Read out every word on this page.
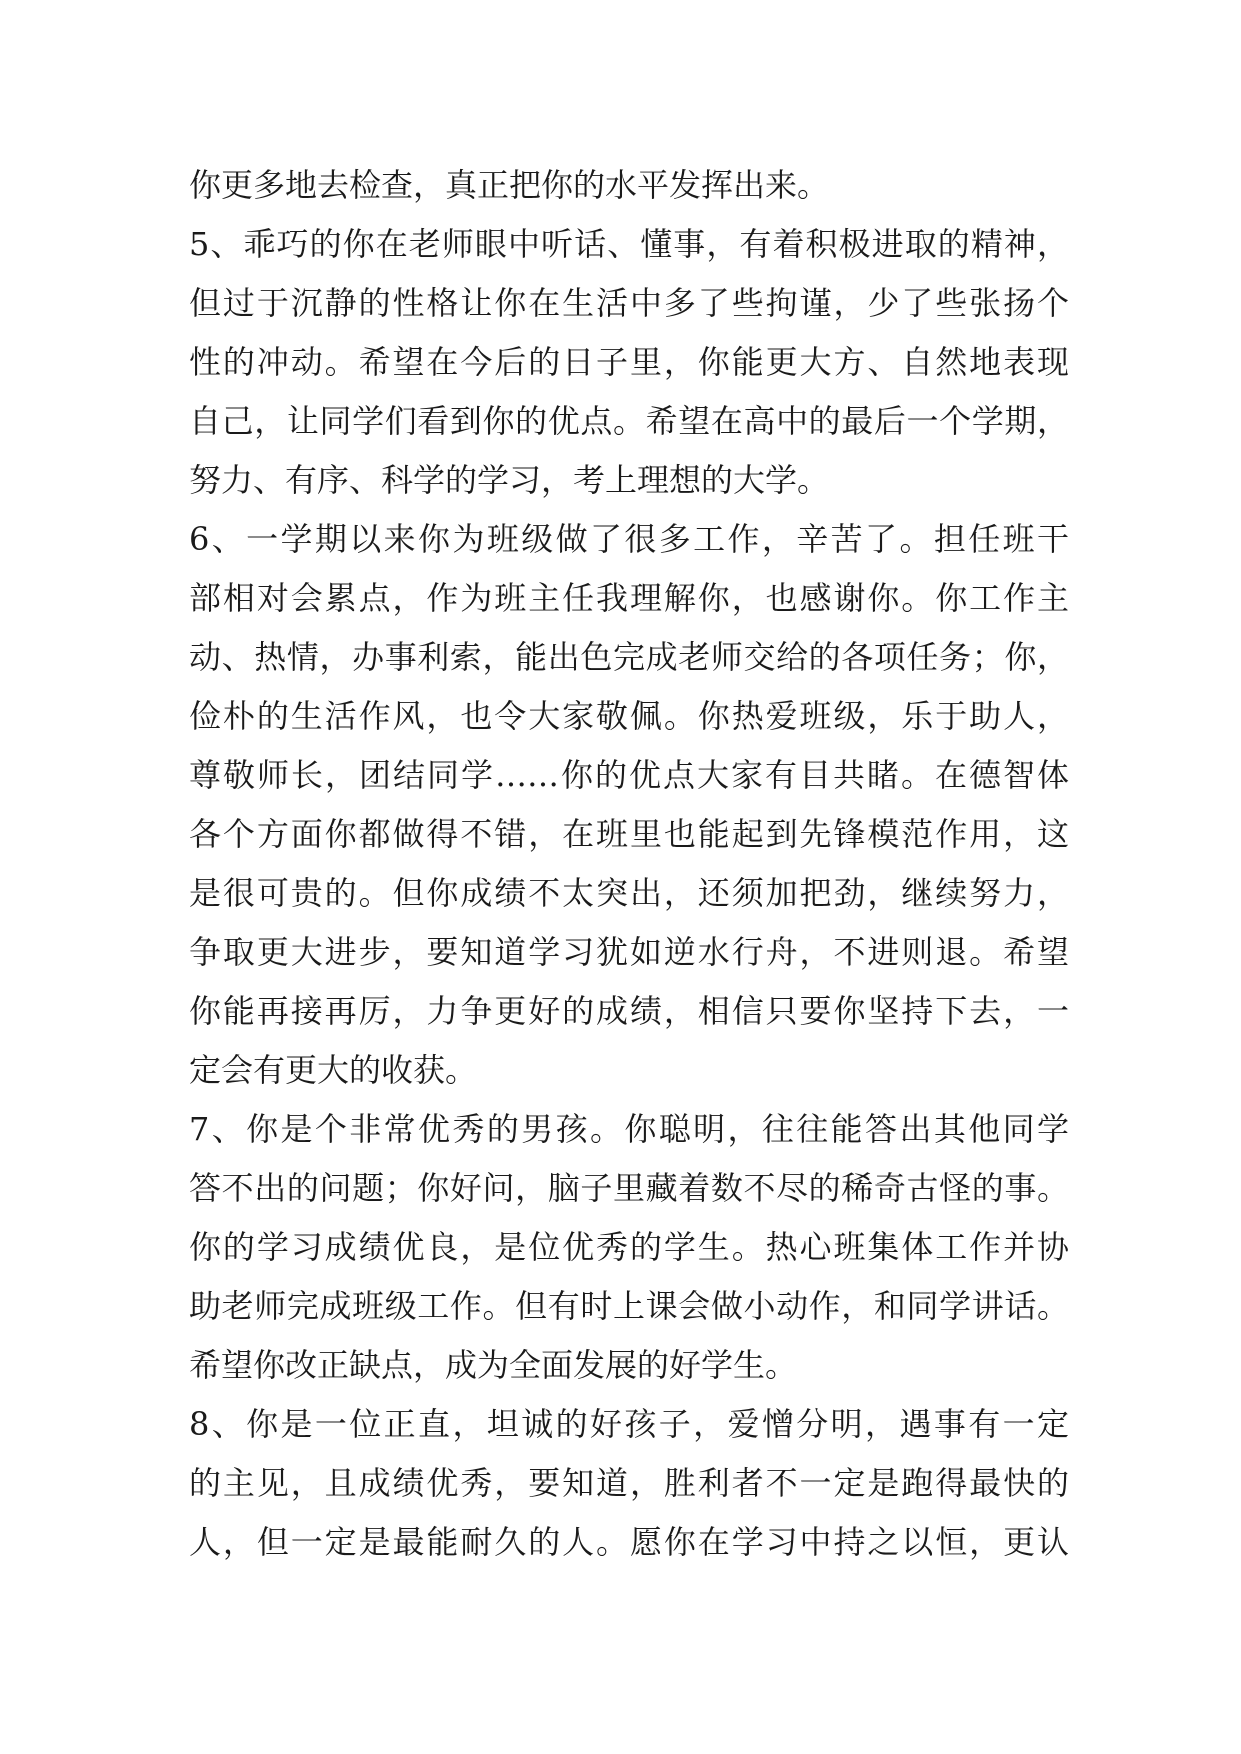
你更多地去检查，真正把你的水平发挥出来。
5、乖巧的你在老师眼中听话、懂事，有着积极进取的精神，
但过于沉静的性格让你在生活中多了些拘谨，少了些张扬个
性的冲动。希望在今后的日子里，你能更大方、自然地表现
自己，让同学们看到你的优点。希望在高中的最后一个学期，
努力、有序、科学的学习，考上理想的大学。
6、一学期以来你为班级做了很多工作，辛苦了。担任班干
部相对会累点，作为班主任我理解你，也感谢你。你工作主
动、热情，办事利索，能出色完成老师交给的各项任务；你，
俭朴的生活作风，也令大家敬佩。你热爱班级，乐于助人，
尊敬师长，团结同学……你的优点大家有目共睹。在德智体
各个方面你都做得不错，在班里也能起到先锋模范作用，这
是很可贵的。但你成绩不太突出，还须加把劲，继续努力，
争取更大进步，要知道学习犹如逆水行舟，不进则退。希望
你能再接再厉，力争更好的成绩，相信只要你坚持下去，一
定会有更大的收获。
7、你是个非常优秀的男孩。你聪明，往往能答出其他同学
答不出的问题；你好问，脑子里藏着数不尽的稀奇古怪的事。
你的学习成绩优良，是位优秀的学生。热心班集体工作并协
助老师完成班级工作。但有时上课会做小动作，和同学讲话。
希望你改正缺点，成为全面发展的好学生。
8、你是一位正直，坦诚的好孩子，爱憎分明，遇事有一定
的主见，且成绩优秀，要知道，胜利者不一定是跑得最快的
人，但一定是最能耐久的人。愿你在学习中持之以恒，更认
